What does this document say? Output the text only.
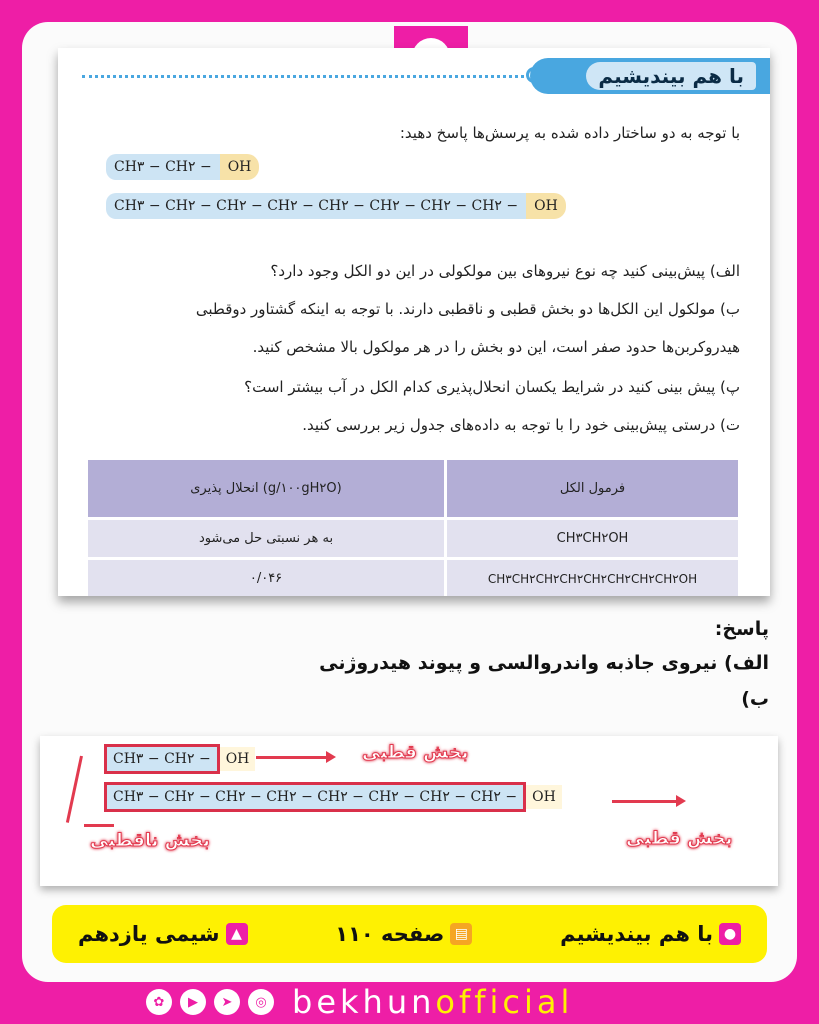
با هم بیندیشیم
با توجه به دو ساختار داده شده به پرسش‌ها پاسخ دهید:
CH۳ − CH۲ −	OH
CH۳ − CH۲ − CH۲ − CH۲ − CH۲ − CH۲ − CH۲ − CH۲ −	OH
الف) پیش‌بینی کنید چه نوع نیروهای بین مولکولی در این دو الکل وجود دارد؟
ب) مولکول این الکل‌ها دو بخش قطبی و ناقطبی دارند. با توجه به اینکه گشتاور دوقطبی
هیدروکربن‌ها حدود صفر است، این دو بخش را در هر مولکول بالا مشخص کنید.
پ) پیش بینی کنید در شرایط یکسان انحلال‌پذیری کدام الکل در آب بیشتر است؟
ت) درستی پیش‌بینی خود را با توجه به داده‌های جدول زیر بررسی کنید.
انحلال پذیری (g/۱۰۰gH۲O)	فرمول الکل
به هر نسبتی حل می‌شود	CH۳CH۲OH
۰/۰۴۶	CH۳CH۲CH۲CH۲CH۲CH۲CH۲CH۲OH
پاسخ:
الف) نیروی جاذبه واندروالسی و پیوند هیدروژنی
ب)
CH۳ − CH۲ −	OH
CH۳ − CH۲ − CH۲ − CH۲ − CH۲ − CH۲ − CH۲ − CH۲ −	OH
بخش قطبی
بخش قطبی
بخش ناقطبی
●
با هم بیندیشیم
▤
صفحه ۱۱۰
▲
شیمی یازدهم
✿	▶	➤	◎ bekhunofficial
